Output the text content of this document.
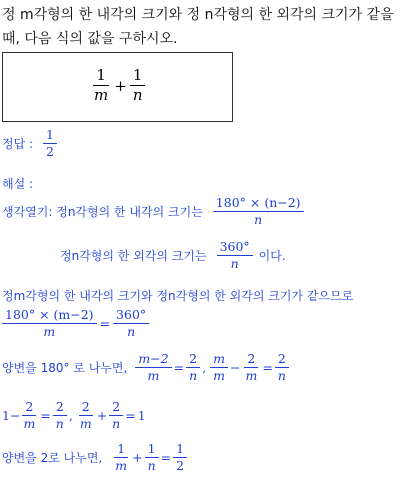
정 m각형의 한 내각의 크기와 정 n각형의 한 외각의 크기가 같을
때, 다음 식의 값을 구하시오.
$\frac{1}{m} + \frac{1}{n}$
정답 : $\frac{1}{2}$
해설 :
생각열기: 정n각형의 한 내각의 크기는 $\frac{180^\circ \times (n-2)}{n}$
정n각형의 한 외각의 크기는 $\frac{360^\circ}{n}$ 이다.
정m각형의 한 내각의 크기와 정n각형의 한 외각의 크기가 같으므로
$\frac{180^\circ \times (m-2)}{m} = \frac{360^\circ}{n}$
양변을 180° 로 나누면, $\frac{m-2}{m} = \frac{2}{n}$ , $\frac{m}{m} - \frac{2}{m} = \frac{2}{n}$
$1- \frac{2}{m} = \frac{2}{n}$ , $\frac{2}{m} + \frac{2}{n} = 1$
양변을 2로 나누면, $\frac{1}{m} + \frac{1}{n} = \frac{1}{2}$
